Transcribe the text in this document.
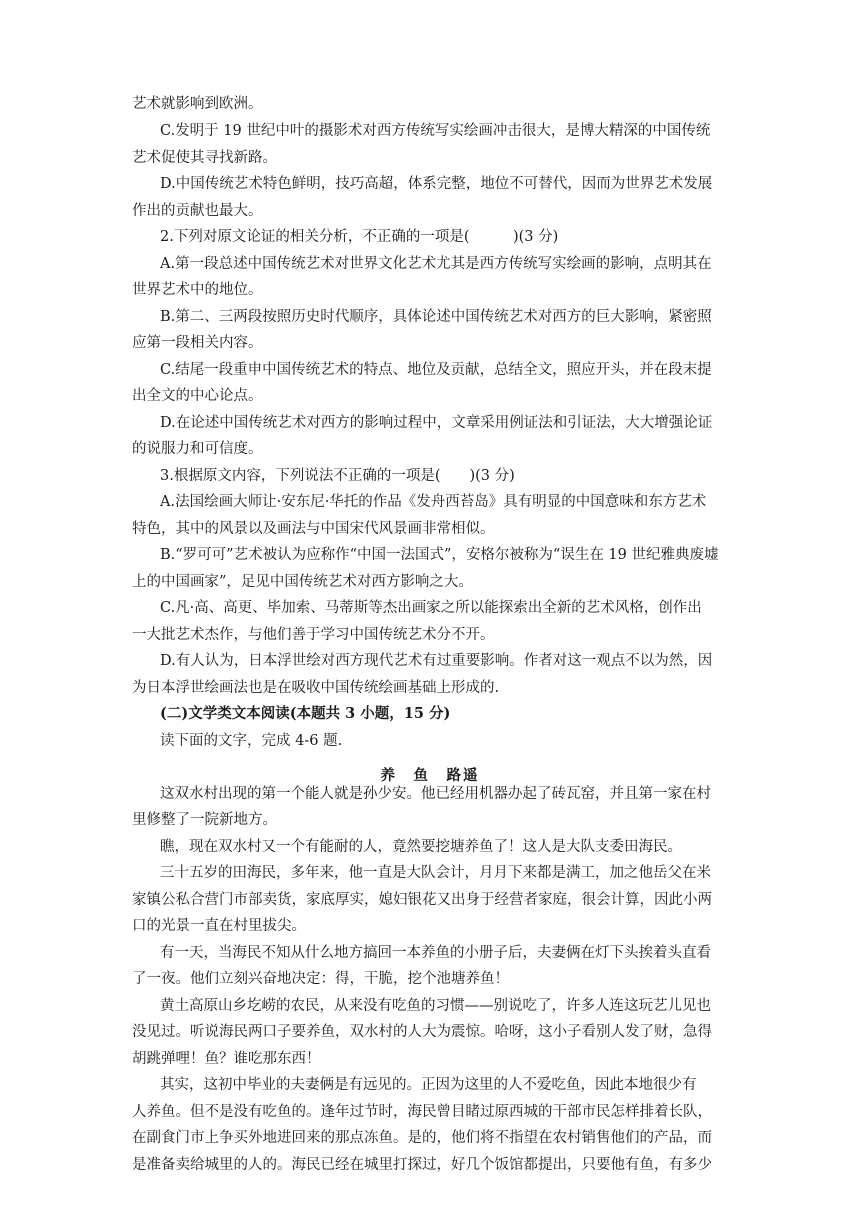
养　鱼　路遥
艺术就影响到欧洲。
C.发明于 19 世纪中叶的摄影术对西方传统写实绘画冲击很大，是博大精深的中国传统
艺术促使其寻找新路。
D.中国传统艺术特色鲜明，技巧高超，体系完整，地位不可替代，因而为世界艺术发展
作出的贡献也最大。
2.下列对原文论证的相关分析，不正确的一项是(　　　)(3 分)
A.第一段总述中国传统艺术对世界文化艺术尤其是西方传统写实绘画的影响，点明其在
世界艺术中的地位。
B.第二、三两段按照历史时代顺序，具体论述中国传统艺术对西方的巨大影响，紧密照
应第一段相关内容。
C.结尾一段重申中国传统艺术的特点、地位及贡献，总结全文，照应开头，并在段末提
出全文的中心论点。
D.在论述中国传统艺术对西方的影响过程中，文章采用例证法和引证法，大大增强论证
的说服力和可信度。
3.根据原文内容，下列说法不正确的一项是(　　)(3 分)
A.法国绘画大师让·安东尼·华托的作品《发舟西苔岛》具有明显的中国意味和东方艺术
特色，其中的风景以及画法与中国宋代风景画非常相似。
B.“罗可可”艺术被认为应称作“中国一法国式”，安格尔被称为“误生在 19 世纪雅典废墟
上的中国画家”，足见中国传统艺术对西方影响之大。
C.凡·高、高更、毕加索、马蒂斯等杰出画家之所以能探索出全新的艺术风格，创作出
一大批艺术杰作，与他们善于学习中国传统艺术分不开。
D.有人认为，日本浮世绘对西方现代艺术有过重要影响。作者对这一观点不以为然，因
为日本浮世绘画法也是在吸收中国传统绘画基础上形成的.
(二)文学类文本阅读(本题共 3 小题，15 分)
读下面的文字，完成 4-6 题.
这双水村出现的第一个能人就是孙少安。他已经用机器办起了砖瓦窑，并且第一家在村
里修整了一院新地方。
瞧，现在双水村又一个有能耐的人，竟然要挖塘养鱼了！这人是大队支委田海民。
三十五岁的田海民，多年来，他一直是大队会计，月月下来都是满工，加之他岳父在米
家镇公私合营门市部卖货，家底厚实，媳妇银花又出身于经营者家庭，很会计算，因此小两
口的光景一直在村里拔尖。
有一天，当海民不知从什么地方搞回一本养鱼的小册子后，夫妻俩在灯下头挨着头直看
了一夜。他们立刻兴奋地决定：得，干脆，挖个池塘养鱼！
黄土高原山乡圪崂的农民，从来没有吃鱼的习惯——别说吃了，许多人连这玩艺儿见也
没见过。听说海民两口子要养鱼，双水村的人大为震惊。哈呀，这小子看别人发了财，急得
胡跳弹哩！鱼？谁吃那东西！
其实，这初中毕业的夫妻俩是有远见的。正因为这里的人不爱吃鱼，因此本地很少有
人养鱼。但不是没有吃鱼的。逢年过节时，海民曾目睹过原西城的干部市民怎样排着长队，
在副食门市上争买外地进回来的那点冻鱼。是的，他们将不指望在农村销售他们的产品，而
是准备卖给城里的人的。海民已经在城里打探过，好几个饭馆都提出，只要他有鱼，有多少
